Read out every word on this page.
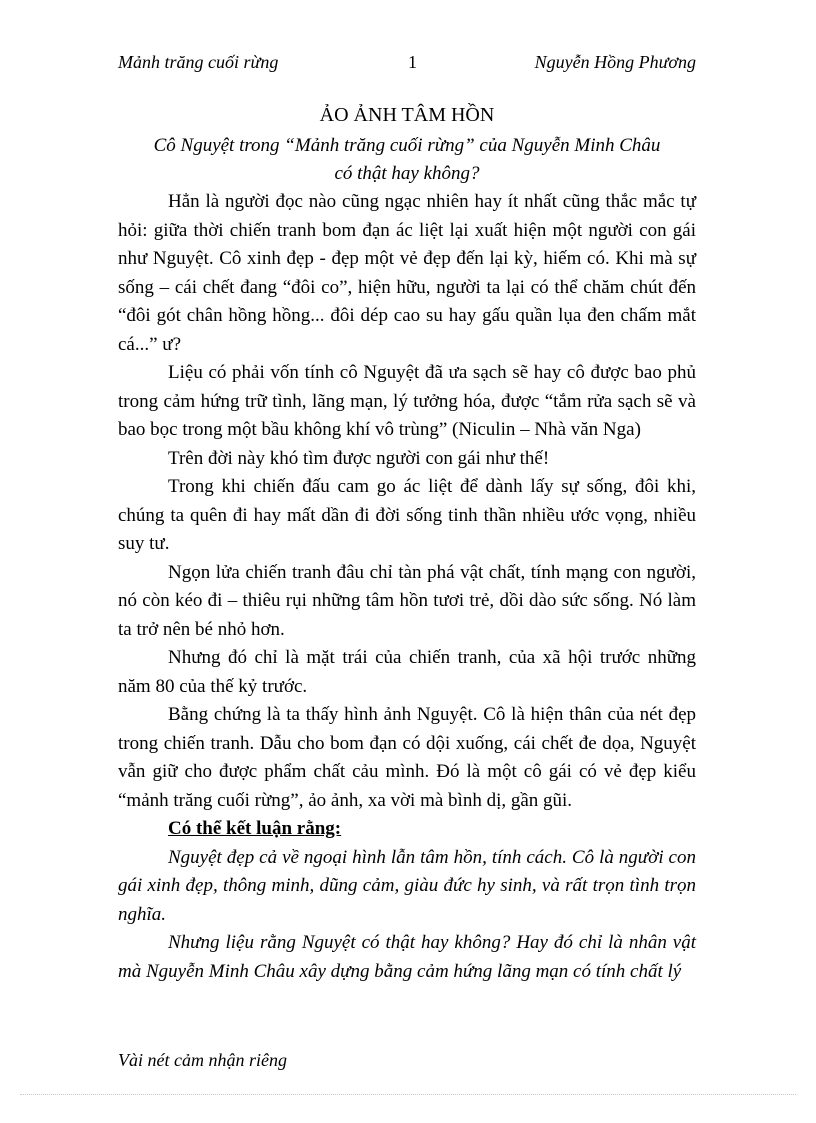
Mảnh trăng cuối rừng	1	Nguyễn Hồng Phương
ẢO ẢNH TÂM HỒN
Cô Nguyệt trong “Mảnh trăng cuối rừng” của Nguyễn Minh Châu
có thật hay không?

Hẳn là người đọc nào cũng ngạc nhiên hay ít nhất cũng thắc mắc tự hỏi: giữa thời chiến tranh bom đạn ác liệt lại xuất hiện một người con gái như Nguyệt. Cô xinh đẹp - đẹp một vẻ đẹp đến lại kỳ, hiếm có. Khi mà sự sống – cái chết đang “đôi co”, hiện hữu, người ta lại có thể chăm chút đến “đôi gót chân hồng hồng... đôi dép cao su hay gấu quần lụa đen chấm mắt cá...” ư?

Liệu có phải vốn tính cô Nguyệt đã ưa sạch sẽ hay cô được bao phủ trong cảm hứng trữ tình, lãng mạn, lý tưởng hóa, được “tắm rửa sạch sẽ và bao bọc trong một bầu không khí vô trùng” (Niculin – Nhà văn Nga)

Trên đời này khó tìm được người con gái như thế!

Trong khi chiến đấu cam go ác liệt để dành lấy sự sống, đôi khi, chúng ta quên đi hay mất dần đi đời sống tinh thần nhiều ước vọng, nhiều suy tư.

Ngọn lửa chiến tranh đâu chỉ tàn phá vật chất, tính mạng con người, nó còn kéo đi – thiêu rụi những tâm hồn tươi trẻ, dồi dào sức sống. Nó làm ta trở nên bé nhỏ hơn.

Nhưng đó chỉ là mặt trái của chiến tranh, của xã hội trước những năm 80 của thế kỷ trước.

Bằng chứng là ta thấy hình ảnh Nguyệt. Cô là hiện thân của nét đẹp trong chiến tranh. Dẫu cho bom đạn có dội xuống, cái chết đe dọa, Nguyệt vẫn giữ cho được phẩm chất cảu mình. Đó là một cô gái có vẻ đẹp kiểu “mảnh trăng cuối rừng”, ảo ảnh, xa vời mà bình dị, gần gũi.

Có thể kết luận rằng:

Nguyệt đẹp cả về ngoại hình lẫn tâm hồn, tính cách. Cô là người con gái xinh đẹp, thông minh, dũng cảm, giàu đức hy sinh, và rất trọn tình trọn nghĩa.

Nhưng liệu rằng Nguyệt có thật hay không? Hay đó chỉ là nhân vật mà Nguyễn Minh Châu xây dựng bằng cảm hứng lãng mạn có tính chất lý

Vài nét cảm nhận riêng
